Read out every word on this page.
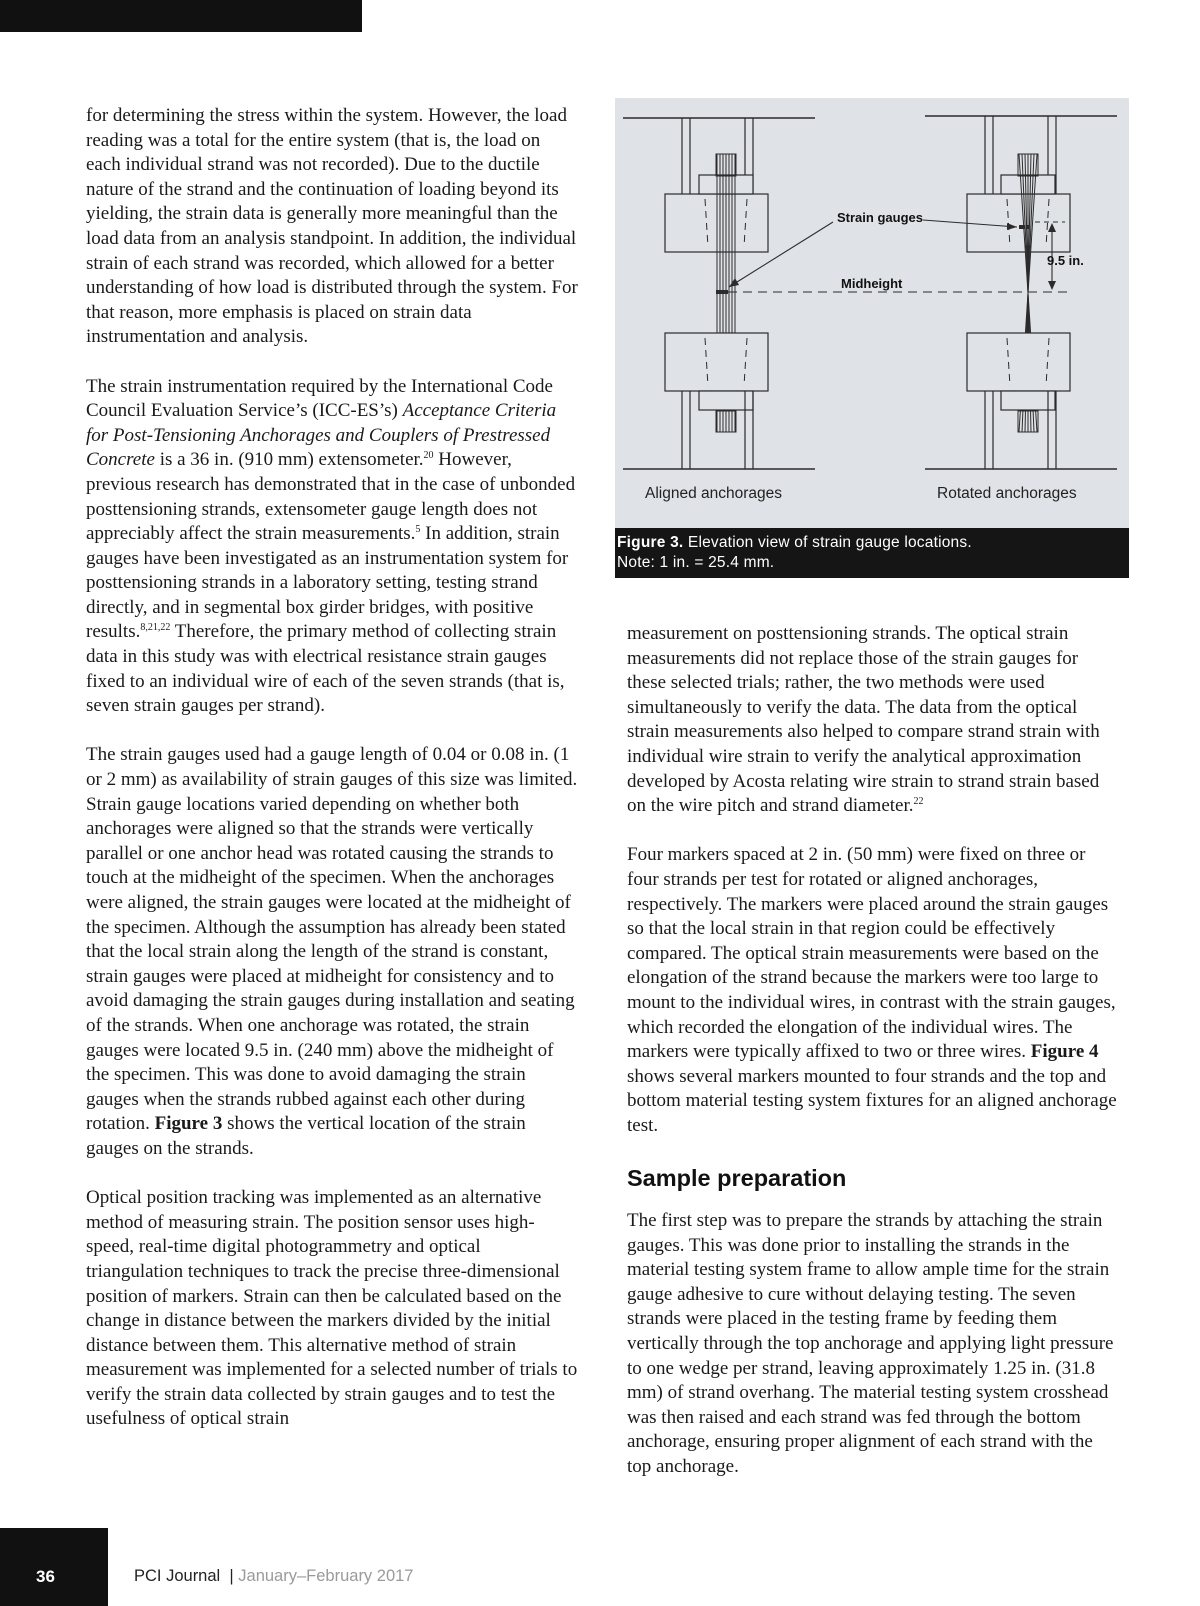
for determining the stress within the system. However, the load reading was a total for the entire system (that is, the load on each individual strand was not recorded). Due to the ductile nature of the strand and the continuation of loading beyond its yielding, the strain data is generally more meaningful than the load data from an analysis standpoint. In addition, the individual strain of each strand was recorded, which allowed for a better understanding of how load is distributed through the system. For that reason, more emphasis is placed on strain data instrumentation and analysis.

The strain instrumentation required by the International Code Council Evaluation Service’s (ICC-ES’s) Acceptance Criteria for Post-Tensioning Anchorages and Couplers of Prestressed Concrete is a 36 in. (910 mm) extensometer.$^{20}$ However, previous research has demonstrated that in the case of unbonded posttensioning strands, extensometer gauge length does not appreciably affect the strain measurements.$^5$ In addition, strain gauges have been investigated as an instrumentation system for posttensioning strands in a laboratory setting, testing strand directly, and in segmental box girder bridges, with positive results.$^{8,21,22}$ Therefore, the primary method of collecting strain data in this study was with electrical resistance strain gauges fixed to an individual wire of each of the seven strands (that is, seven strain gauges per strand).

The strain gauges used had a gauge length of 0.04 or 0.08 in. (1 or 2 mm) as availability of strain gauges of this size was limited. Strain gauge locations varied depending on whether both anchorages were aligned so that the strands were vertically parallel or one anchor head was rotated causing the strands to touch at the midheight of the specimen. When the anchorages were aligned, the strain gauges were located at the midheight of the specimen. Although the assumption has already been stated that the local strain along the length of the strand is constant, strain gauges were placed at midheight for consistency and to avoid damaging the strain gauges during installation and seating of the strands. When one anchorage was rotated, the strain gauges were located 9.5 in. (240 mm) above the midheight of the specimen. This was done to avoid damaging the strain gauges when the strands rubbed against each other during rotation. Figure 3 shows the vertical location of the strain gauges on the strands.

Optical position tracking was implemented as an alternative method of measuring strain. The position sensor uses high-speed, real-time digital photogrammetry and optical triangulation techniques to track the precise three-dimensional position of markers. Strain can then be calculated based on the change in distance between the markers divided by the initial distance between them. This alternative method of strain measurement was implemented for a selected number of trials to verify the strain data collected by strain gauges and to test the usefulness of optical strain

Strain gauges
Midheight
9.5 in.
Aligned anchorages	Rotated anchorages
Figure 3. Elevation view of strain gauge locations.
Note: 1 in. = 25.4 mm.

measurement on posttensioning strands. The optical strain measurements did not replace those of the strain gauges for these selected trials; rather, the two methods were used simultaneously to verify the data. The data from the optical strain measurements also helped to compare strand strain with individual wire strain to verify the analytical approximation developed by Acosta relating wire strain to strand strain based on the wire pitch and strand diameter.$^{22}$

Four markers spaced at 2 in. (50 mm) were fixed on three or four strands per test for rotated or aligned anchorages, respectively. The markers were placed around the strain gauges so that the local strain in that region could be effectively compared. The optical strain measurements were based on the elongation of the strand because the markers were too large to mount to the individual wires, in contrast with the strain gauges, which recorded the elongation of the individual wires. The markers were typically affixed to two or three wires. Figure 4 shows several markers mounted to four strands and the top and bottom material testing system fixtures for an aligned anchorage test.

Sample preparation

The first step was to prepare the strands by attaching the strain gauges. This was done prior to installing the strands in the material testing system frame to allow ample time for the strain gauge adhesive to cure without delaying testing. The seven strands were placed in the testing frame by feeding them vertically through the top anchorage and applying light pressure to one wedge per strand, leaving approximately 1.25 in. (31.8 mm) of strand overhang. The material testing system crosshead was then raised and each strand was fed through the bottom anchorage, ensuring proper alignment of each strand with the top anchorage.

36	PCI Journal | January–February 2017
